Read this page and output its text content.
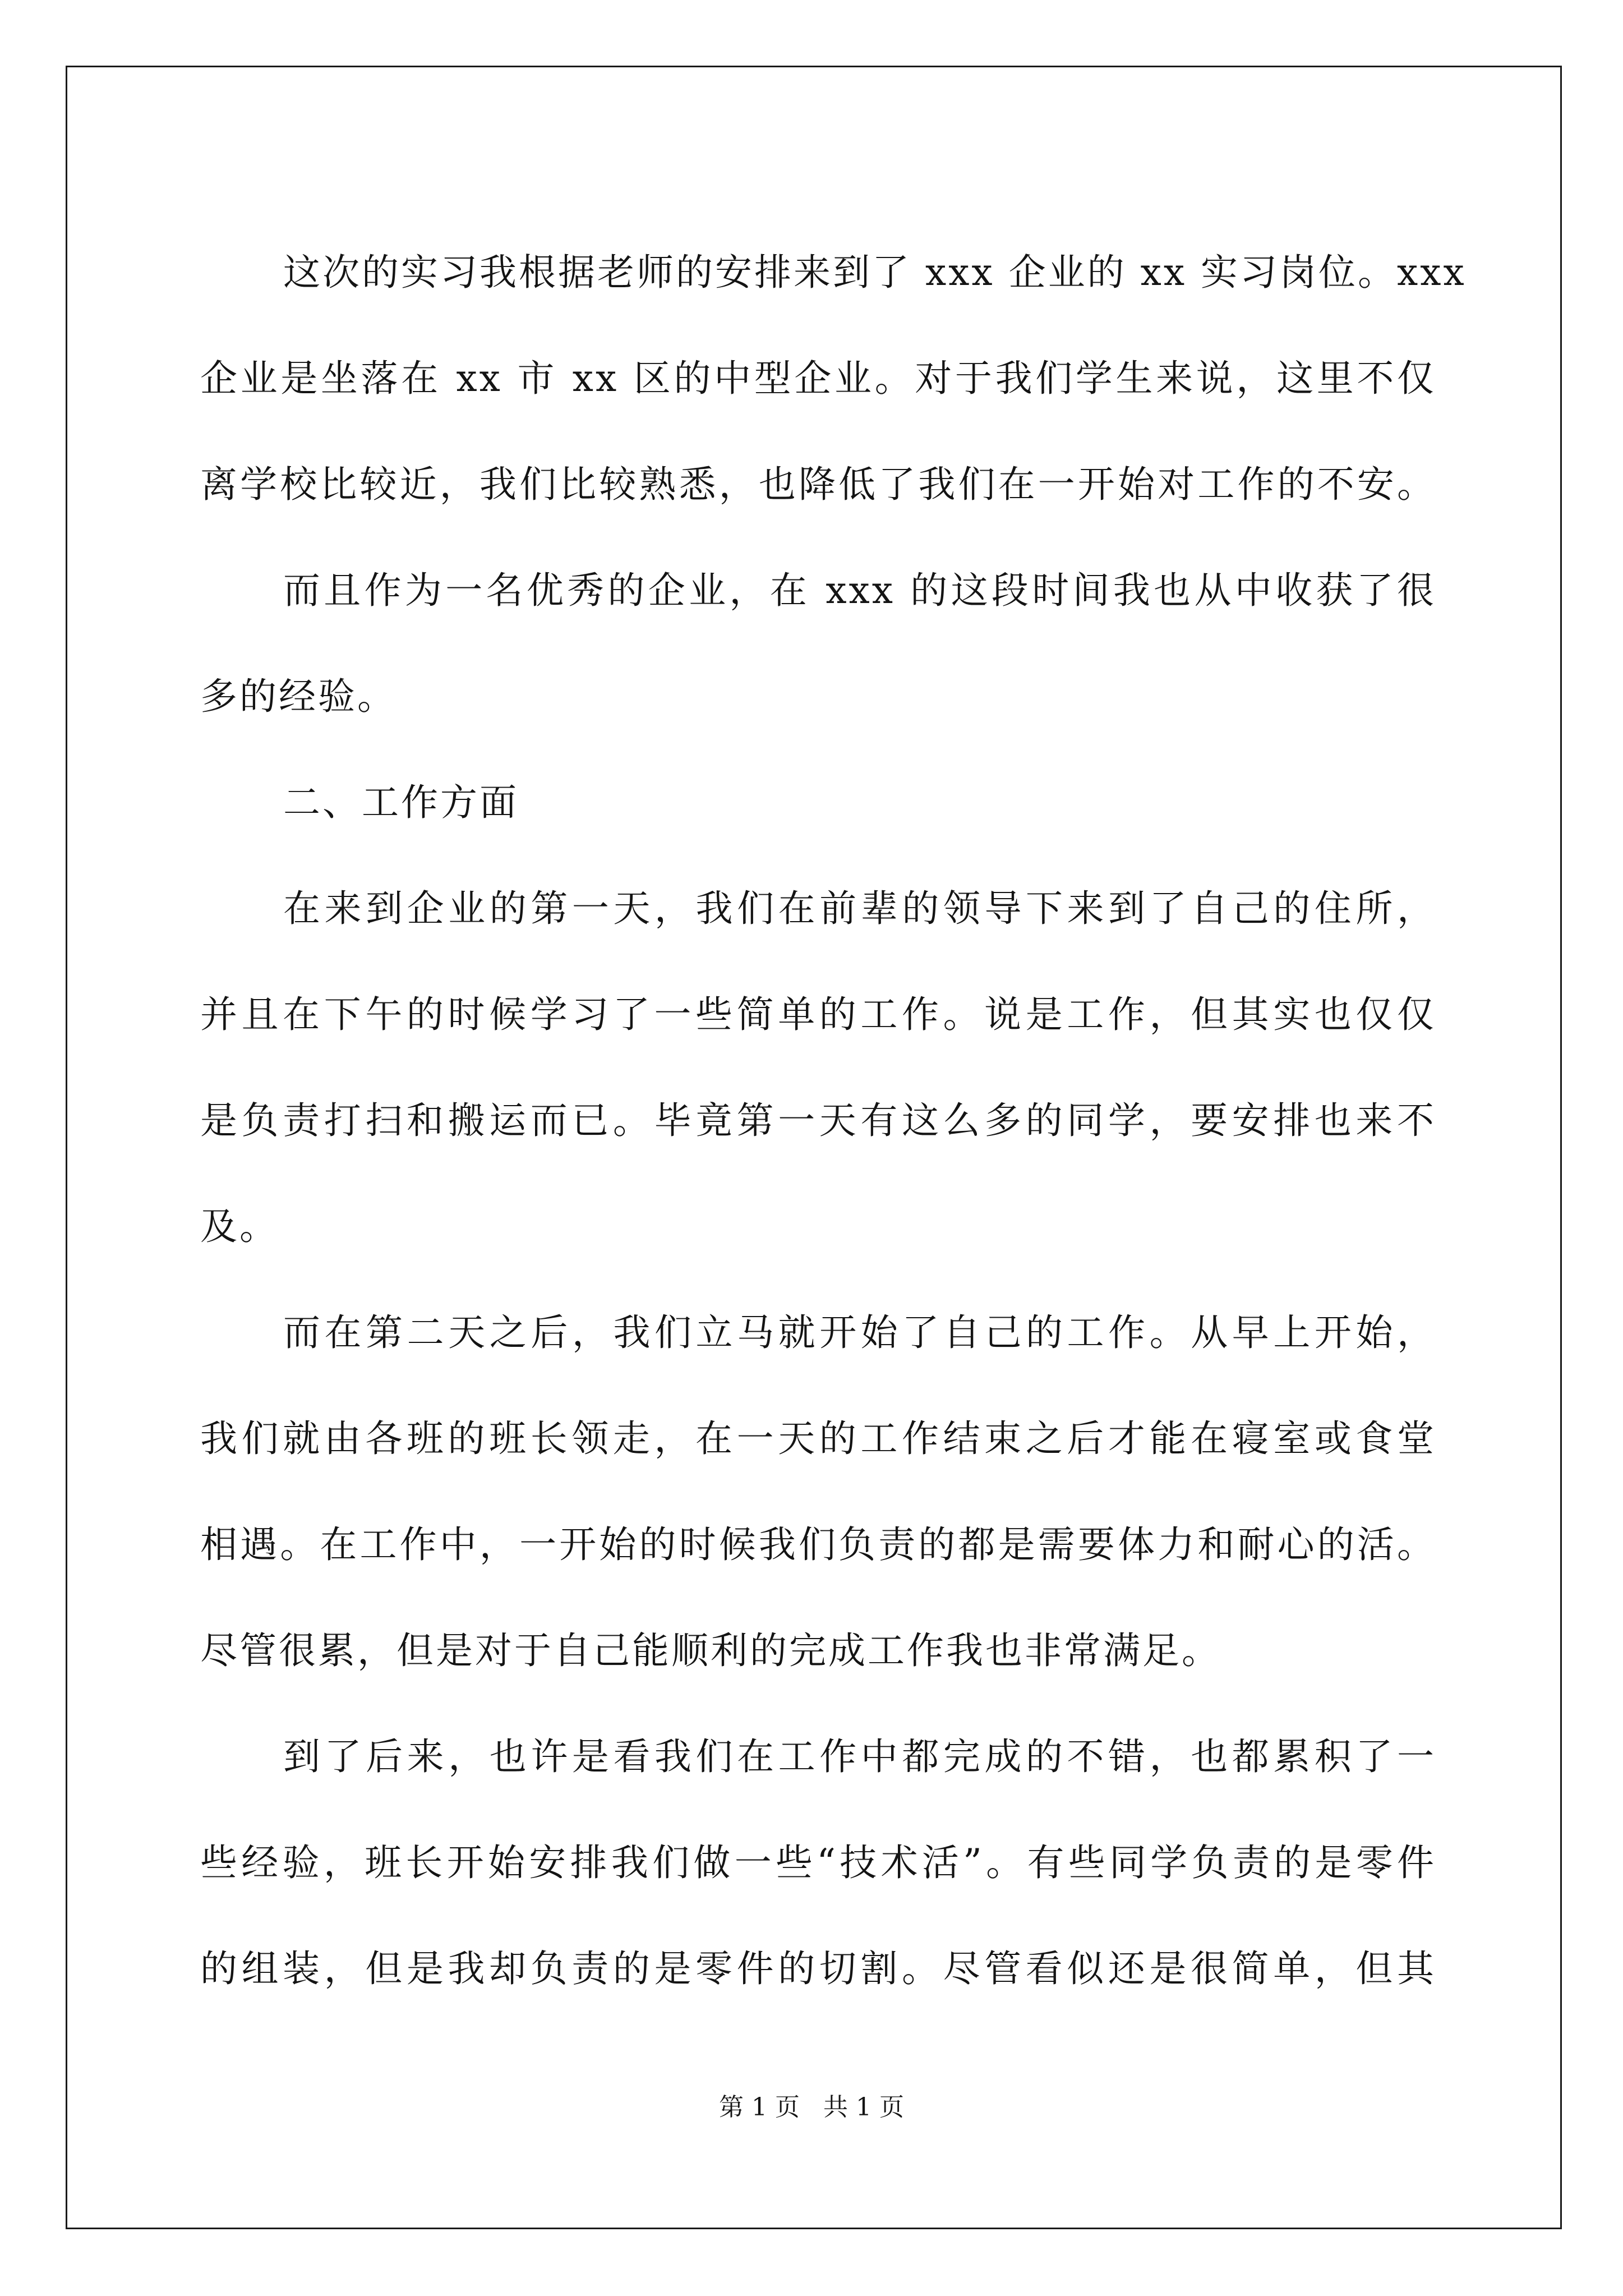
这次的实习我根据老师的安排来到了 xxx 企业的 xx 实习岗位。xxx
企业是坐落在 xx 市 xx 区的中型企业。对于我们学生来说，这里不仅
离学校比较近，我们比较熟悉，也降低了我们在一开始对工作的不安。
而且作为一名优秀的企业，在 xxx 的这段时间我也从中收获了很
多的经验。
二、工作方面
在来到企业的第一天，我们在前辈的领导下来到了自己的住所，
并且在下午的时候学习了一些简单的工作。说是工作，但其实也仅仅
是负责打扫和搬运而已。毕竟第一天有这么多的同学，要安排也来不
及。
而在第二天之后，我们立马就开始了自己的工作。从早上开始，
我们就由各班的班长领走，在一天的工作结束之后才能在寝室或食堂
相遇。在工作中，一开始的时候我们负责的都是需要体力和耐心的活。
尽管很累，但是对于自己能顺利的完成工作我也非常满足。
到了后来，也许是看我们在工作中都完成的不错，也都累积了一
些经验，班长开始安排我们做一些“技术活”。有些同学负责的是零件
的组装，但是我却负责的是零件的切割。尽管看似还是很简单，但其
第 1 页   共 1 页
